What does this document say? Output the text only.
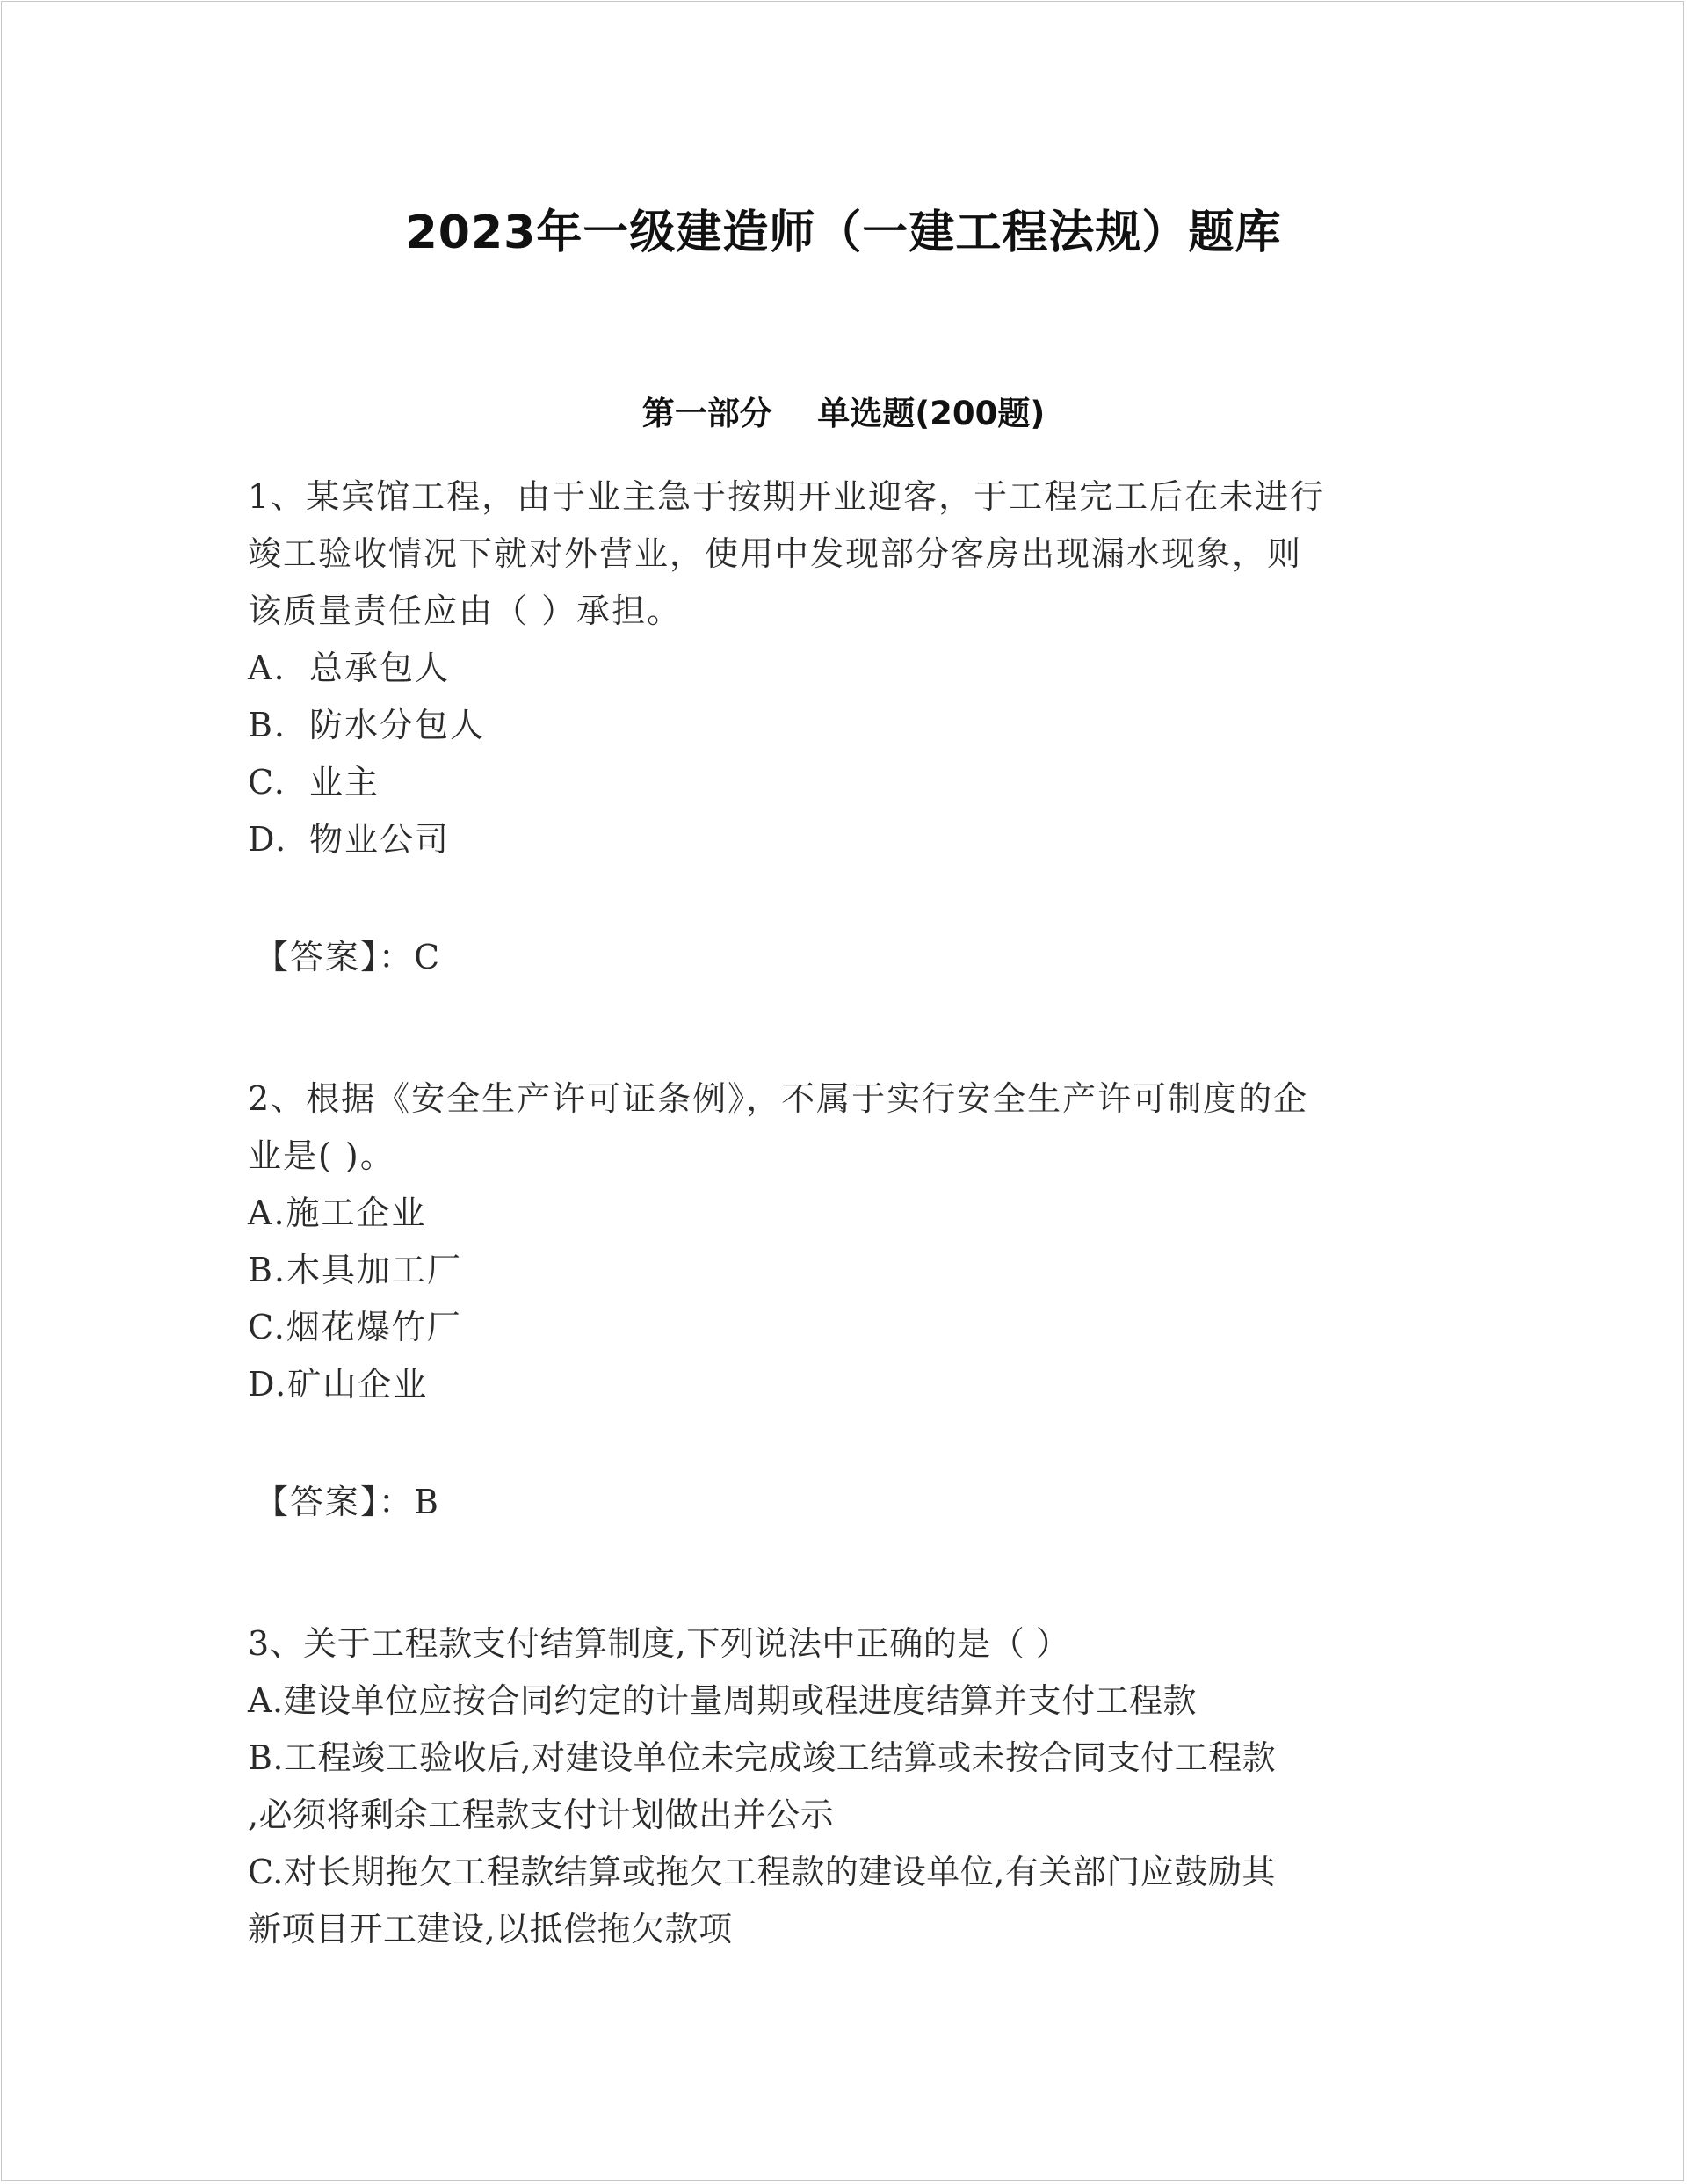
2023年一级建造师（一建工程法规）题库
第一部分    单选题(200题)
1、某宾馆工程，由于业主急于按期开业迎客，于工程完工后在未进行
竣工验收情况下就对外营业，使用中发现部分客房出现漏水现象，则
该质量责任应由（ ）承担。
A. 总承包人
B. 防水分包人
C. 业主
D. 物业公司
【答案】：C
2、根据《安全生产许可证条例》，不属于实行安全生产许可制度的企
业是( )。
A.施工企业
B.木具加工厂
C.烟花爆竹厂
D.矿山企业
【答案】：B
3、关于工程款支付结算制度,下列说法中正确的是（ ）
A.建设单位应按合同约定的计量周期或程进度结算并支付工程款
B.工程竣工验收后,对建设单位未完成竣工结算或未按合同支付工程款
,必须将剩余工程款支付计划做出并公示
C.对长期拖欠工程款结算或拖欠工程款的建设单位,有关部门应鼓励其
新项目开工建设,以抵偿拖欠款项
